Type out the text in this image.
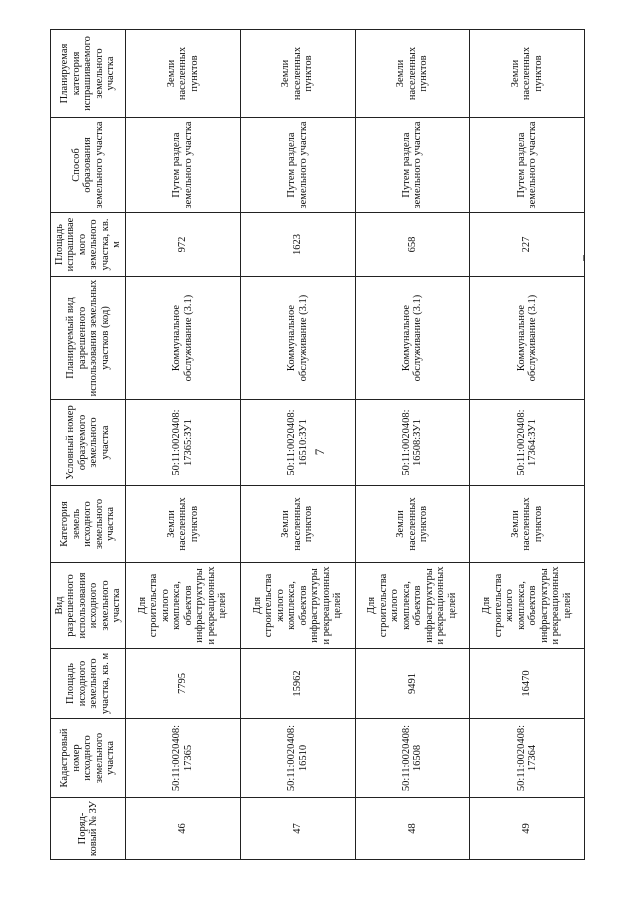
7
Поряд-ковый № ЗУ	Кадастровый номер исходного земельного участка	Площадь исходного земельного участка, кв. м	Вид разрешенного использования исходного земельного участка	Категория земель исходного земельного участка	Условный номер образуемого земельного участка	Планируемый вид разрешенного использования земельных участков (код)	Площадь испрашивае мого земельного участка, кв. м	Способ образования земельного участка	Планируемая категория испрашиваемого земельного участка
46	50:11:0020408: 17365	7795	Для строительства жилого комплекса, объектов инфраструктуры и рекреационных целей	Земли населенных пунктов	50:11:0020408: 17365:ЗУ1	Коммунальное обслуживание (3.1)	972	Путем раздела земельного участка	Земли населенных пунктов
47	50:11:0020408: 16510	15962	Для строительства жилого комплекса, объектов инфраструктуры и рекреационных целей	Земли населенных пунктов	50:11:0020408: 16510:ЗУ1	Коммунальное обслуживание (3.1)	1623	Путем раздела земельного участка	Земли населенных пунктов
48	50:11:0020408: 16508	9491	Для строительства жилого комплекса, объектов инфраструктуры и рекреационных целей	Земли населенных пунктов	50:11:0020408: 16508:ЗУ1	Коммунальное обслуживание (3.1)	658	Путем раздела земельного участка	Земли населенных пунктов
49	50:11:0020408: 17364	16470	Для строительства жилого комплекса, объектов инфраструктуры и рекреационных целей	Земли населенных пунктов	50:11:0020408: 17364:ЗУ1	Коммунальное обслуживание (3.1)	227	Путем раздела земельного участка	Земли населенных пунктов
